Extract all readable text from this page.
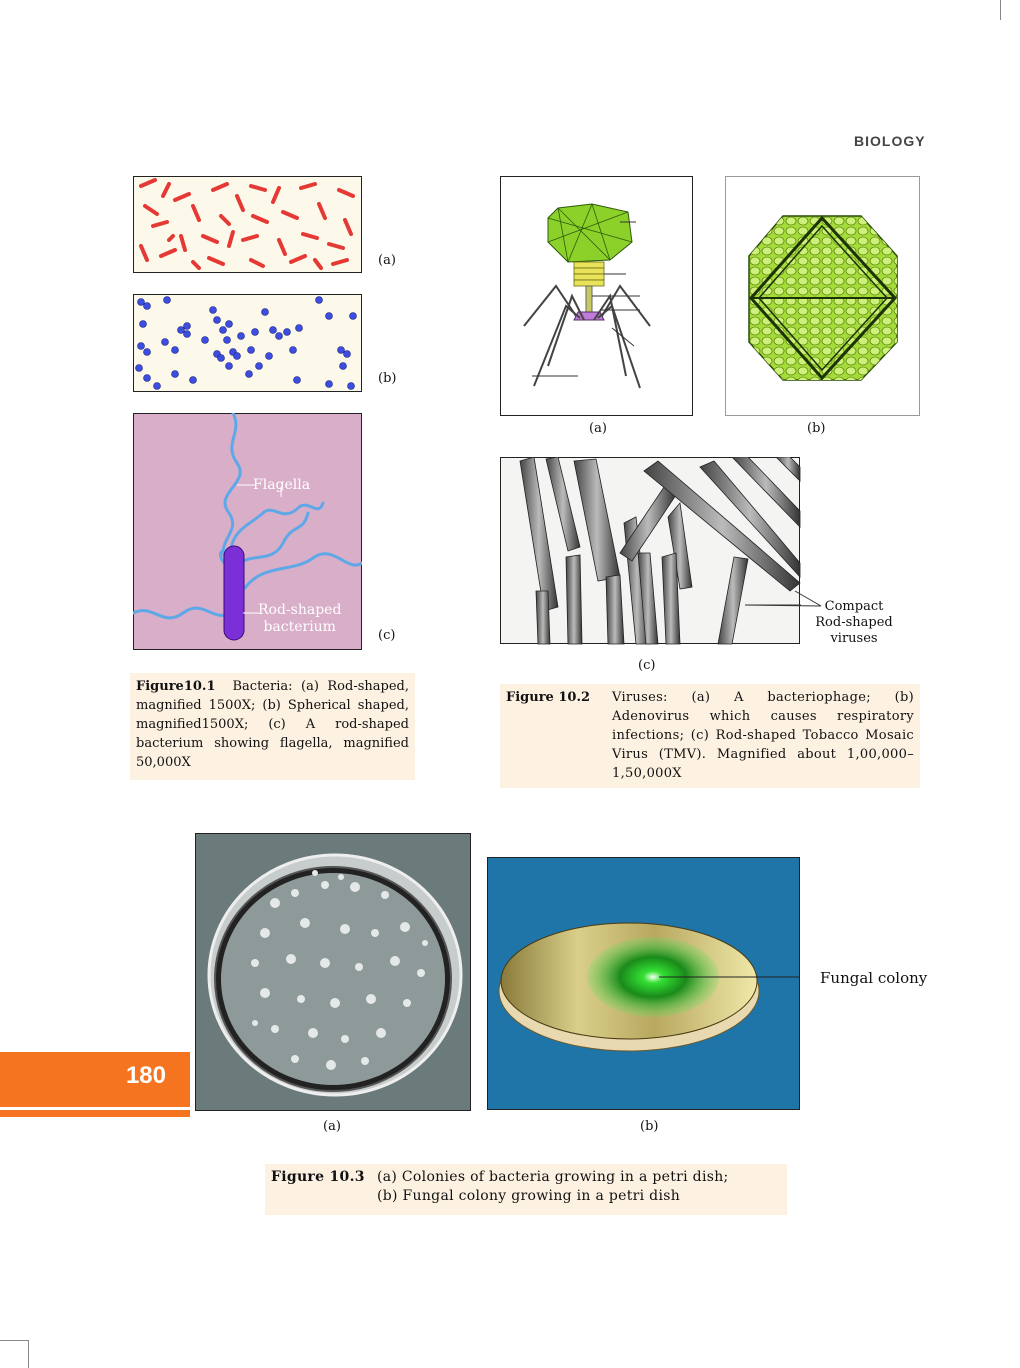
BIOLOGY
(a)
(b)
Flagella
Rod-shaped
bacterium
(c)
Figure10.1 Bacteria: (a) Rod-shaped, magnified 1500X; (b) Spherical shaped, magnified1500X; (c) A rod-shaped bacterium showing flagella, magnified 50,000X
(a)	(b)
Compact
Rod-shaped
viruses
(c)
Figure 10.2	Viruses: (a) A bacteriophage; (b) Adenovirus which causes respiratory infections; (c) Rod-shaped Tobacco Mosaic Virus (TMV). Magnified about 1,00,000–1,50,000X
(a)
Fungal colony
(b)
Figure 10.3 (a) Colonies of bacteria growing in a petri dish;
(b) Fungal colony growing in a petri dish
180
